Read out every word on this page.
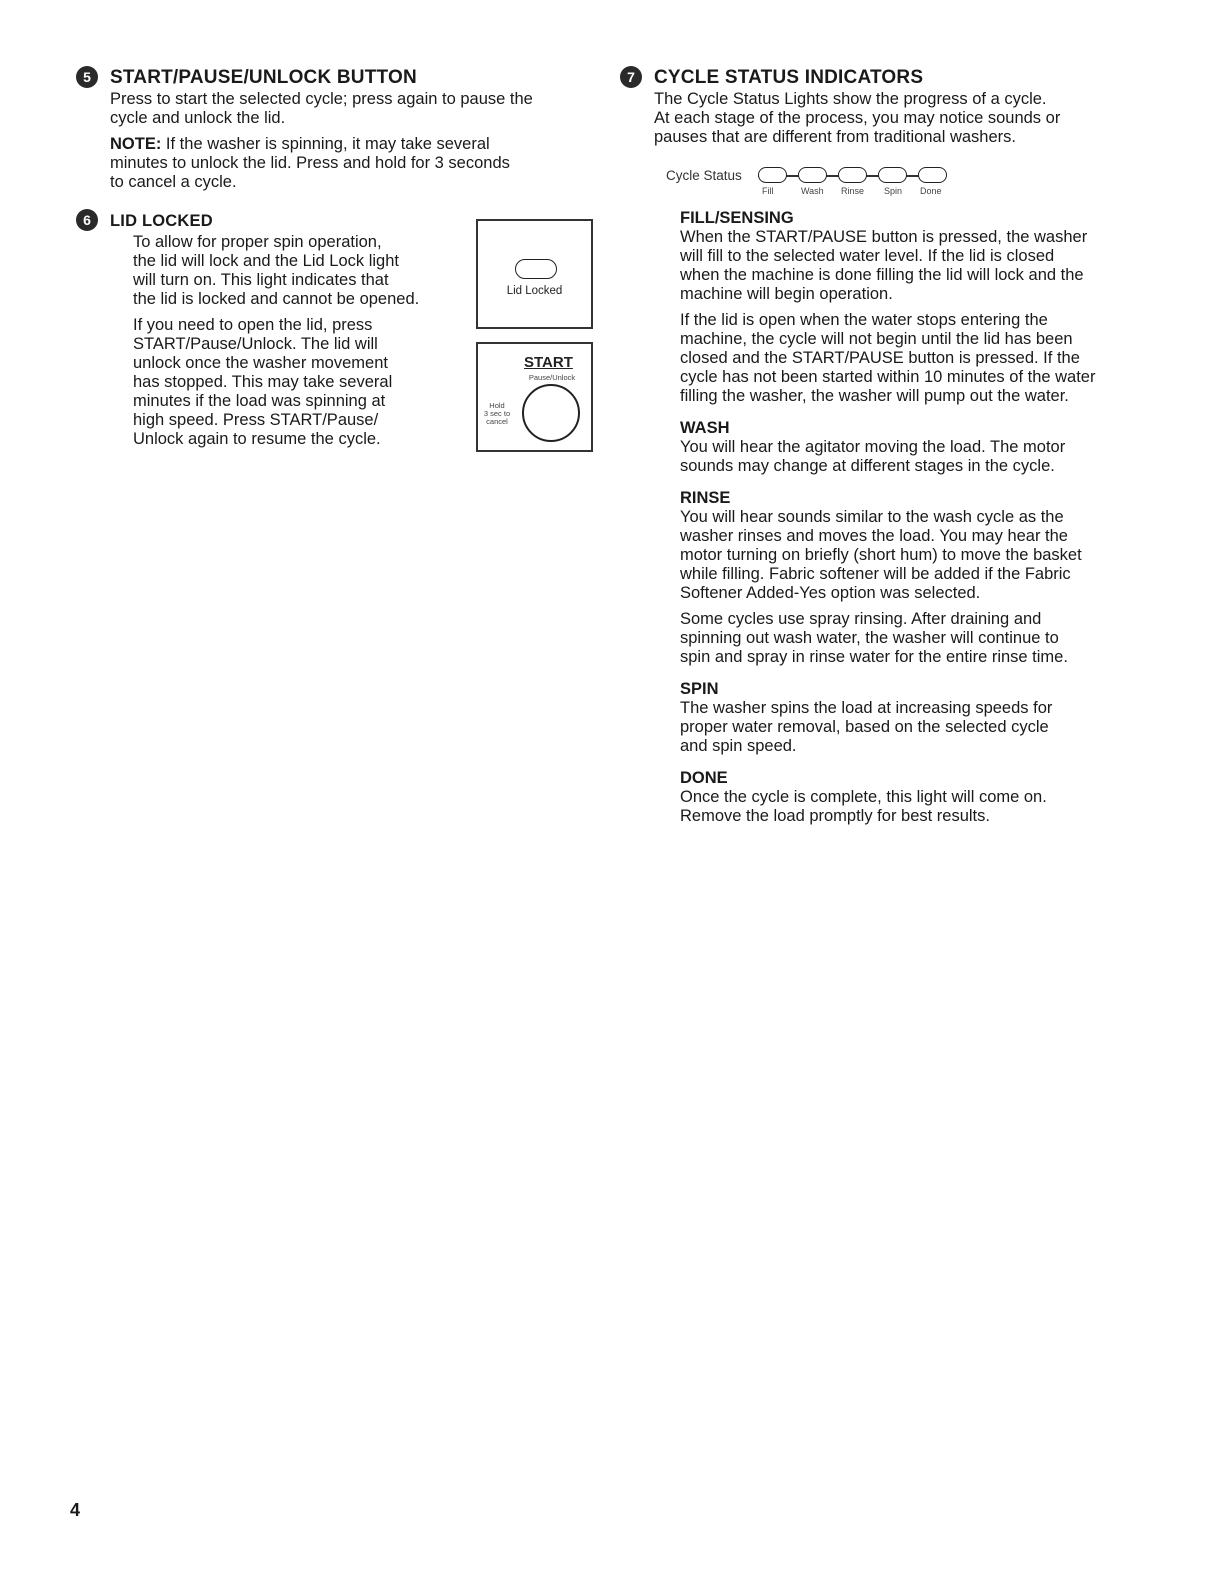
5	START/PAUSE/UNLOCK BUTTON

Press to start the selected cycle; press again to pause the
cycle and unlock the lid.

NOTE: If the washer is spinning, it may take several
minutes to unlock the lid. Press and hold for 3 seconds
to cancel a cycle.

6	LID LOCKED

To allow for proper spin operation,
the lid will lock and the Lid Lock light
will turn on. This light indicates that
the lid is locked and cannot be opened.

If you need to open the lid, press
START/Pause/Unlock. The lid will
unlock once the washer movement
has stopped. This may take several
minutes if the load was spinning at
high speed. Press START/Pause/
Unlock again to resume the cycle.

Lid Locked
START
Pause/Unlock
Hold
3 sec to
cancel
7	CYCLE STATUS INDICATORS

The Cycle Status Lights show the progress of a cycle.
At each stage of the process, you may notice sounds or
pauses that are different from traditional washers.

Cycle Status
Fill	Wash Rinse Spin Done
FILL/SENSING

When the START/PAUSE button is pressed, the washer
will fill to the selected water level. If the lid is closed
when the machine is done filling the lid will lock and the
machine will begin operation.

If the lid is open when the water stops entering the
machine, the cycle will not begin until the lid has been
closed and the START/PAUSE button is pressed. If the
cycle has not been started within 10 minutes of the water
filling the washer, the washer will pump out the water.

WASH

You will hear the agitator moving the load. The motor
sounds may change at different stages in the cycle.

RINSE

You will hear sounds similar to the wash cycle as the
washer rinses and moves the load. You may hear the
motor turning on briefly (short hum) to move the basket
while filling. Fabric softener will be added if the Fabric
Softener Added-Yes option was selected.

Some cycles use spray rinsing. After draining and
spinning out wash water, the washer will continue to
spin and spray in rinse water for the entire rinse time.

SPIN

The washer spins the load at increasing speeds for
proper water removal, based on the selected cycle
and spin speed.

DONE

Once the cycle is complete, this light will come on.
Remove the load promptly for best results.

4
